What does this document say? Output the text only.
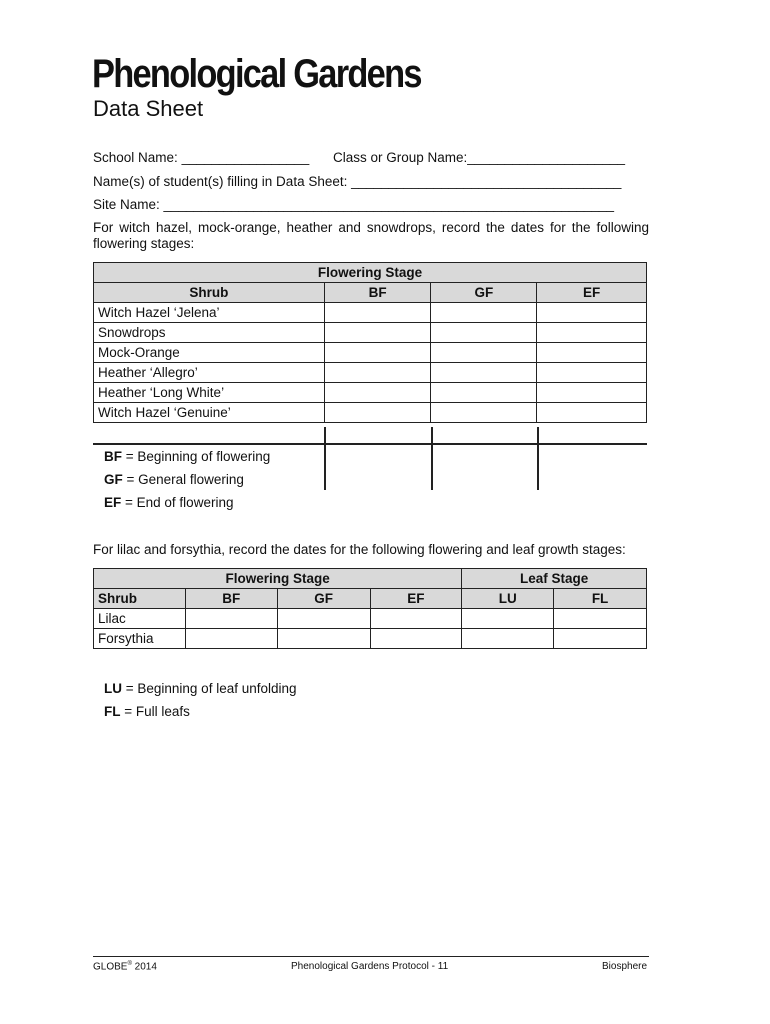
Phenological Gardens
Data Sheet
School Name: _________________ Class or Group Name:_____________________
Name(s) of student(s) filling in Data Sheet: ____________________________________
Site Name: ____________________________________________________________
For witch hazel, mock-orange, heather and snowdrops, record the dates for the following flowering stages:
Flowering Stage			
Shrub	BF	GF	EF
Witch Hazel ‘Jelena’			
Snowdrops			
Mock-Orange			
Heather ‘Allegro’			
Heather ‘Long White’			
Witch Hazel ‘Genuine’			
BF = Beginning of flowering
GF = General flowering
EF = End of flowering
For lilac and forsythia, record the dates for the following flowering and leaf growth stages:
Flowering Stage				Leaf Stage	
Shrub	BF	GF	EF	LU	FL
Lilac					
Forsythia					
LU = Beginning of leaf unfolding
FL = Full leafs
GLOBE® 2014	Phenological Gardens Protocol - 11	Biosphere
